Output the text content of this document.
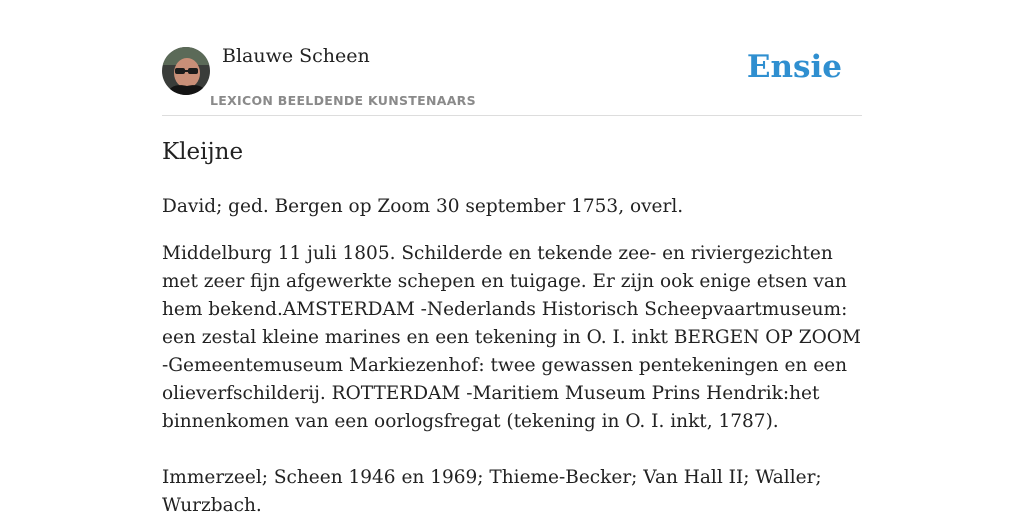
Blauwe Scheen
LEXICON BEELDENDE KUNSTENAARS
Ensie
Kleijne

David; ged. Bergen op Zoom 30 september 1753, overl.

Middelburg 11 juli 1805. Schilderde en tekende zee- en riviergezichten met zeer fijn afgewerkte schepen en tuigage. Er zijn ook enige etsen van hem bekend.AMSTERDAM -Nederlands Historisch Scheepvaartmuseum: een zestal kleine marines en een tekening in O. I. inkt BERGEN OP ZOOM -Gemeentemuseum Markiezenhof: twee gewassen pentekeningen en een olieverfschilderij. ROTTERDAM -Maritiem Museum Prins Hendrik:het binnenkomen van een oorlogsfregat (tekening in O. I. inkt, 1787).

Immerzeel; Scheen 1946 en 1969; Thieme-Becker; Van Hall II; Waller; Wurzbach.
